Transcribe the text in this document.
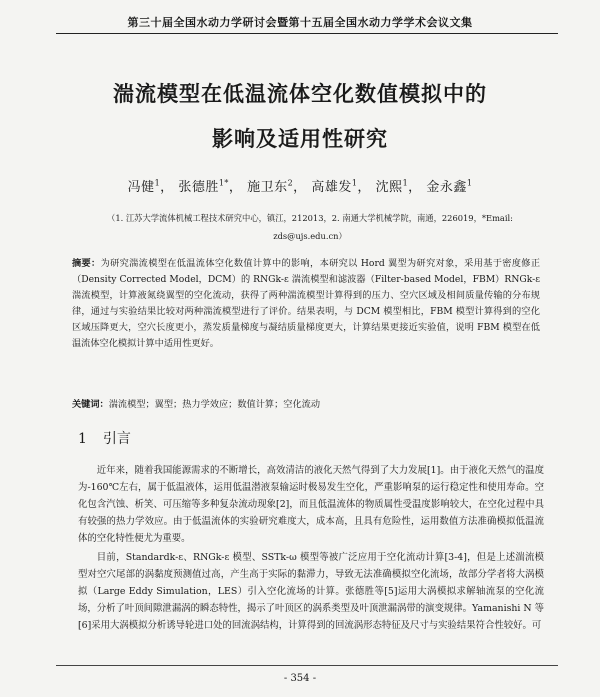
第三十届全国水动力学研讨会暨第十五届全国水动力学学术会议文集
湍流模型在低温流体空化数值模拟中的
影响及适用性研究
冯健$^1$， 张德胜$^{1*}$， 施卫东$^2$， 高雄发$^1$， 沈熙$^1$， 金永鑫$^1$
（1. 江苏大学流体机械工程技术研究中心，镇江，212013，2. 南通大学机械学院，南通，226019，*Email:
zds@ujs.edu.cn）
摘要：为研究湍流模型在低温流体空化数值计算中的影响，本研究以 Hord 翼型为研究对象，采用基于密度修正（Density Corrected Model，DCM）的 RNGk-ε 湍流模型和滤波器（Filter-based Model，FBM）RNGk-ε 湍流模型，计算液氮绕翼型的空化流动，获得了两种湍流模型计算得到的压力、空穴区域及相间质量传输的分布规律，通过与实验结果比较对两种湍流模型进行了评价。结果表明，与 DCM 模型相比，FBM 模型计算得到的空化区域压降更大，空穴长度更小，蒸发质量梯度与凝结质量梯度更大，计算结果更接近实验值，说明 FBM 模型在低温流体空化模拟计算中适用性更好。
关键词：湍流模型；翼型；热力学效应；数值计算；空化流动
1 引言

近年来，随着我国能源需求的不断增长，高效清洁的液化天然气得到了大力发展[1]。由于液化天然气的温度为-160℃左右，属于低温液体，运用低温潜液泵输运时极易发生空化，严重影响泵的运行稳定性和使用寿命。空化包含汽蚀、析笑、可压缩等多种复杂流动现象[2]，而且低温流体的物质属性受温度影响较大，在空化过程中具有较强的热力学效应。由于低温流体的实验研究难度大，成本高，且具有危险性，运用数值方法准确模拟低温流体的空化特性便尤为重要。

目前，Standardk-ε、RNGk-ε 模型、SSTk-ω 模型等被广泛应用于空化流动计算[3-4]，但是上述湍流模型对空穴尾部的涡黏度预测值过高，产生高于实际的黏滞力，导致无法准确模拟空化流场，故部分学者将大涡模拟（Large Eddy Simulation，LES）引入空化流场的计算。张德胜等[5]运用大涡模拟求解轴流泵的空化流场，分析了叶顶间隙泄漏涡的瞬态特性，揭示了叶顶区的涡系类型及叶顶泄漏涡带的演变规律。Yamanishi N 等[6]采用大涡模拟分析诱导轮进口处的回流涡结构，计算得到的回流涡形态特征及尺寸与实验结果符合性较好。可

- 354 -
